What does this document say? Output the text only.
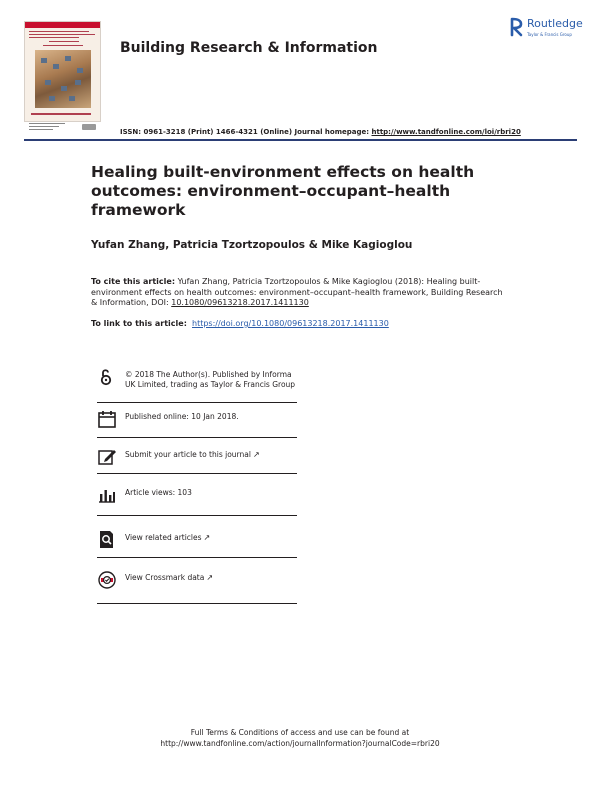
Building Research & Information
Routledge
Taylor & Francis Group
ISSN: 0961-3218 (Print) 1466-4321 (Online) Journal homepage: http://www.tandfonline.com/loi/rbri20
Healing built-environment effects on health outcomes: environment–occupant–health framework
Yufan Zhang, Patricia Tzortzopoulos & Mike Kagioglou
To cite this article: Yufan Zhang, Patricia Tzortzopoulos & Mike Kagioglou (2018): Healing built-environment effects on health outcomes: environment–occupant–health framework, Building Research & Information, DOI: 10.1080/09613218.2017.1411130
To link to this article: https://doi.org/10.1080/09613218.2017.1411130
© 2018 The Author(s). Published by Informa UK Limited, trading as Taylor & Francis Group
Published online: 10 Jan 2018.
Submit your article to this journal ↗
Article views: 103
View related articles ↗
View Crossmark data ↗
Full Terms & Conditions of access and use can be found at
http://www.tandfonline.com/action/journalInformation?journalCode=rbri20
